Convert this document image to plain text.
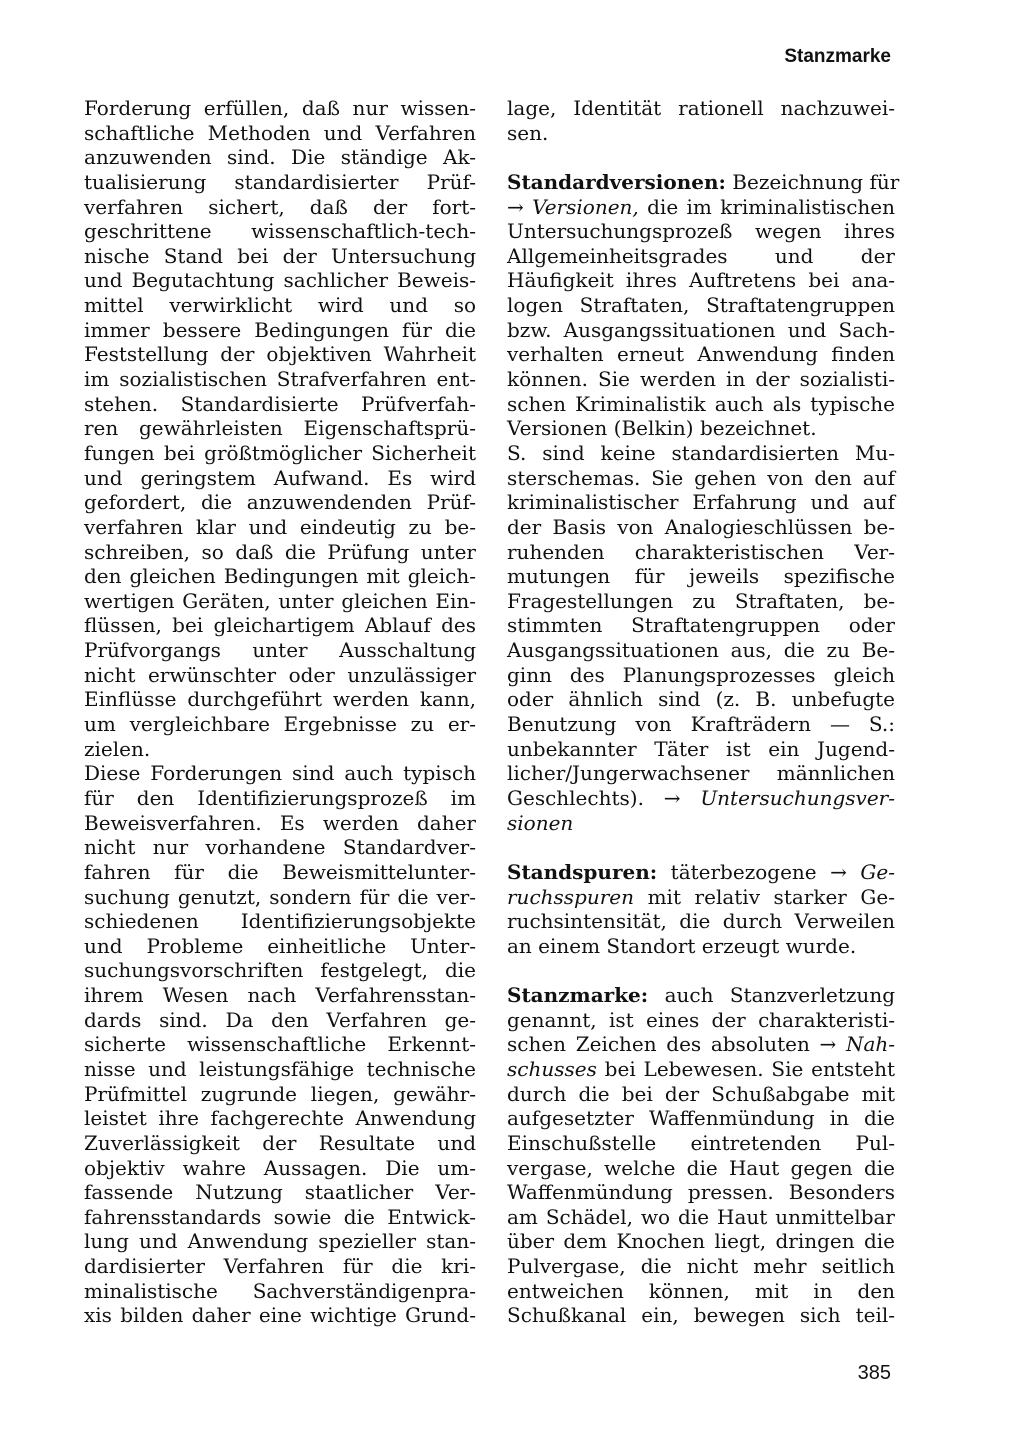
Stanzmarke
Forderung erfüllen, daß nur wissen-
schaftliche Methoden und Verfahren
anzuwenden sind. Die ständige Ak-
tualisierung standardisierter Prüf-
verfahren sichert, daß der fort-
geschrittene wissenschaftlich-tech-
nische Stand bei der Untersuchung
und Begutachtung sachlicher Beweis-
mittel verwirklicht wird und so
immer bessere Bedingungen für die
Feststellung der objektiven Wahrheit
im sozialistischen Strafverfahren ent-
stehen. Standardisierte Prüfverfah-
ren gewährleisten Eigenschaftsprü-
fungen bei größtmöglicher Sicherheit
und geringstem Aufwand. Es wird
gefordert, die anzuwendenden Prüf-
verfahren klar und eindeutig zu be-
schreiben, so daß die Prüfung unter
den gleichen Bedingungen mit gleich-
wertigen Geräten, unter gleichen Ein-
flüssen, bei gleichartigem Ablauf des
Prüfvorgangs unter Ausschaltung
nicht erwünschter oder unzulässiger
Einflüsse durchgeführt werden kann,
um vergleichbare Ergebnisse zu er-
zielen.
Diese Forderungen sind auch typisch
für den Identifizierungsprozeß im
Beweisverfahren. Es werden daher
nicht nur vorhandene Standardver-
fahren für die Beweismittelunter-
suchung genutzt, sondern für die ver-
schiedenen Identifizierungsobjekte
und Probleme einheitliche Unter-
suchungsvorschriften festgelegt, die
ihrem Wesen nach Verfahrensstan-
dards sind. Da den Verfahren ge-
sicherte wissenschaftliche Erkennt-
nisse und leistungsfähige technische
Prüfmittel zugrunde liegen, gewähr-
leistet ihre fachgerechte Anwendung
Zuverlässigkeit der Resultate und
objektiv wahre Aussagen. Die um-
fassende Nutzung staatlicher Ver-
fahrensstandards sowie die Entwick-
lung und Anwendung spezieller stan-
dardisierter Verfahren für die kri-
minalistische Sachverständigenpra-
xis bilden daher eine wichtige Grund-
lage, Identität rationell nachzuwei-
sen.
Standardversionen: Bezeichnung für
→ Versionen, die im kriminalistischen
Untersuchungsprozeß wegen ihres
Allgemeinheitsgrades und der
Häufigkeit ihres Auftretens bei ana-
logen Straftaten, Straftatengruppen
bzw. Ausgangssituationen und Sach-
verhalten erneut Anwendung finden
können. Sie werden in der sozialisti-
schen Kriminalistik auch als typische
Versionen (Belkin) bezeichnet.
S. sind keine standardisierten Mu-
sterschemas. Sie gehen von den auf
kriminalistischer Erfahrung und auf
der Basis von Analogieschlüssen be-
ruhenden charakteristischen Ver-
mutungen für jeweils spezifische
Fragestellungen zu Straftaten, be-
stimmten Straftatengruppen oder
Ausgangssituationen aus, die zu Be-
ginn des Planungsprozesses gleich
oder ähnlich sind (z. B. unbefugte
Benutzung von Krafträdern — S.:
unbekannter Täter ist ein Jugend-
licher/Jungerwachsener männlichen
Geschlechts). → Untersuchungsver-
sionen
Standspuren: täterbezogene → Ge-
ruchsspuren mit relativ starker Ge-
ruchsintensität, die durch Verweilen
an einem Standort erzeugt wurde.
Stanzmarke: auch Stanzverletzung
genannt, ist eines der charakteristi-
schen Zeichen des absoluten → Nah-
schusses bei Lebewesen. Sie entsteht
durch die bei der Schußabgabe mit
aufgesetzter Waffenmündung in die
Einschußstelle eintretenden Pul-
vergase, welche die Haut gegen die
Waffenmündung pressen. Besonders
am Schädel, wo die Haut unmittelbar
über dem Knochen liegt, dringen die
Pulvergase, die nicht mehr seitlich
entweichen können, mit in den
Schußkanal ein, bewegen sich teil-
385
